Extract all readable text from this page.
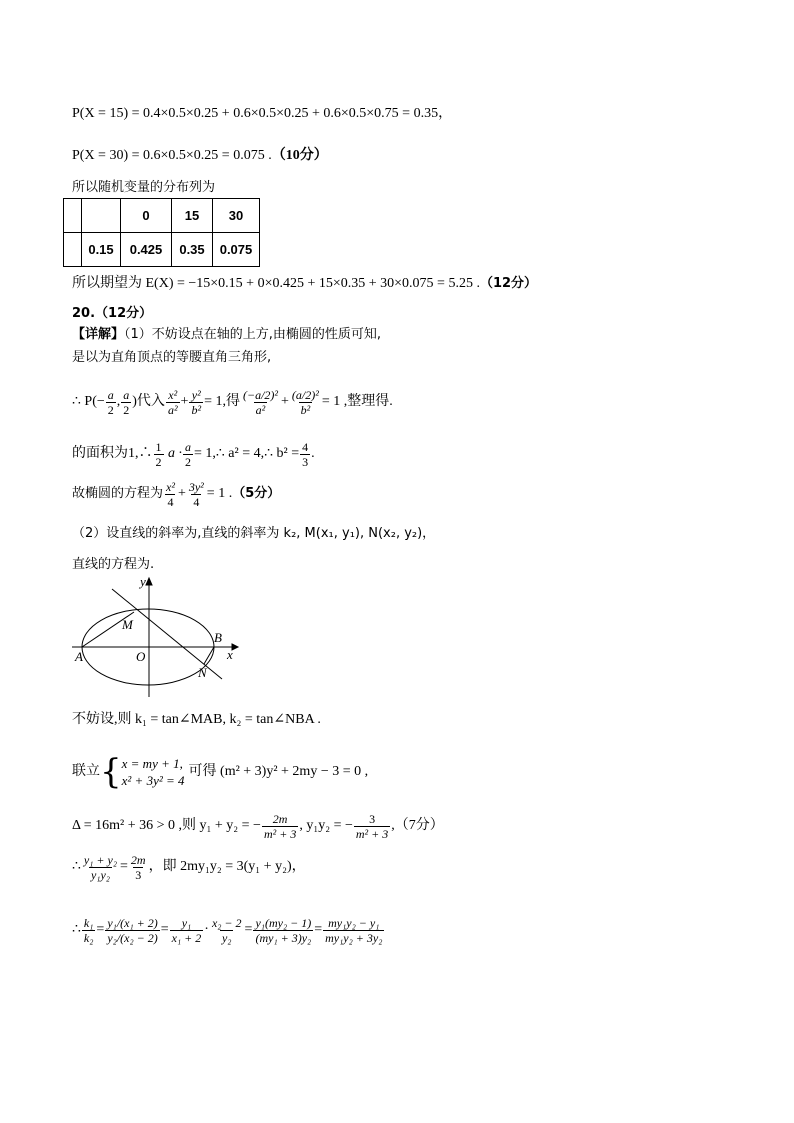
P(X = 15) = 0.4×0.5×0.25 + 0.6×0.5×0.25 + 0.6×0.5×0.75 = 0.35，
P(X = 30) = 0.6×0.5×0.25 = 0.075 .（10分）
所以随机变量的分布列为
		0	15	30
	0.15	0.425	0.35	0.075
所以期望为 E(X) = −15×0.15 + 0×0.425 + 15×0.35 + 30×0.075 = 5.25 .（12分）
20.（12分）
【详解】（1）不妨设点在轴的上方,由椭圆的性质可知,
是以为直角顶点的等腰直角三角形,
∴ $P(- \frac{a}{2}$ , $\frac{a}{2}$ )代入 $\frac{\text{x²}}{\text{a²}} + \frac{\text{y²}}{\text{b²}} = 1$,得 $\frac{\text{(−a/2)²}}{\text{a²}} + \frac{\text{(a/2)²}}{\text{b²}} = 1$ ,整理得.
的面积为1,∴ $\frac{1}{2}$ $a \cdot \frac{a}{2}$ = 1,∴ a² = 4,∴ $b^2 = \frac{4}{3}$ .
故椭圆的方程为 $\frac{\text{x²}}{4} + \frac{\text{3y²}}{4} = 1$ . （5分）
（2）设直线的斜率为,直线的斜率为 k₂, M(x₁, y₁), N(x₂, y₂)，
直线的方程为.
y
M
B
A	O	x
N
不妨设,则 k₁ = tan∠MAB, k₂ = tan∠NBA .
联立 { x = my + 1,
x² + 3y² = 4
可得 (m² + 3)y² + 2my − 3 = 0 ,
Δ = 16m² + 36 > 0 ,则 y₁ + y₂ = − $\frac{2m}{\text{m² + 3}}$ , y₁y₂ = − $\frac{3}{\text{m² + 3}} ,(7$分）
∴ $\frac{\text{y₁ + y₂}}{\text{y₁y₂}} = \frac{2m}{3}$ ，即 2my₁y₂ = 3(y₁ + y₂)，
∴ $\frac{\text{k₁}}{\text{k₂}} = \frac{\text{y₁/(x₁ + 2)}}{\text{y₂/(x₂ − 2)}} = \frac{\text{y₁}}{\text{x₁ + 2}} \cdot \frac{\text{x₂ − 2}}{\text{y₂}} = \frac{\text{y₁(my₂ − 1)}}{\text{(my₁ + 3)y₂}} = \frac{\text{my₁y₂ − y₁}}{\text{my₁y₂ + 3y₂}}$
